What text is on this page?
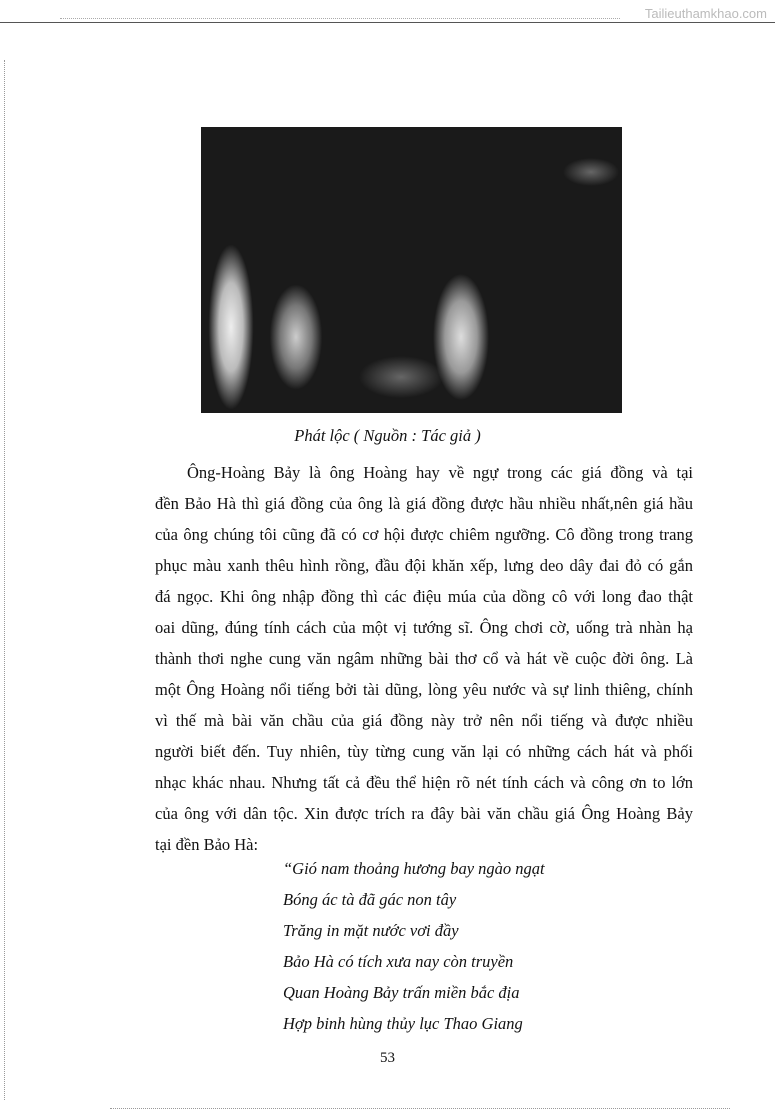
Tailieuthamkhao.com
Phát lộc ( Nguồn : Tác giả )
Ông-Hoàng Bảy là ông Hoàng hay về ngự trong các giá đồng và tại
đền Bảo Hà thì giá đồng của ông là giá đồng được hầu nhiều nhất,nên giá hầu
của ông chúng tôi cũng đã có cơ hội được chiêm ngưỡng. Cô đồng trong trang
phục màu xanh thêu hình rồng, đầu đội khăn xếp, lưng deo dây đai đỏ có gắn
đá ngọc. Khi ông nhập đồng thì các điệu múa của dồng cô với long đao thật
oai dũng, đúng tính cách của một vị tướng sĩ. Ông chơi cờ, uống trà nhàn hạ
thành thơi nghe cung văn ngâm những bài thơ cổ và hát về cuộc đời ông. Là
một Ông Hoàng nổi tiếng bởi tài dũng, lòng yêu nước và sự linh thiêng, chính
vì thế mà bài văn chầu của giá đồng này trở nên nổi tiếng và được nhiều
người biết đến. Tuy nhiên, tùy từng cung văn lại có những cách hát và phối
nhạc khác nhau. Nhưng tất cả đều thể hiện rõ nét tính cách và công ơn to lớn
của ông với dân tộc. Xin được trích ra đây bài văn chầu giá Ông Hoàng Bảy
tại đền Bảo Hà:
“Gió nam thoảng hương bay ngào ngạt
Bóng ác tà đã gác non tây
Trăng in mặt nước vơi đầy
Bảo Hà có tích xưa nay còn truyền
Quan Hoàng Bảy trấn miền bắc địa
Hợp binh hùng thủy lục Thao Giang
53
